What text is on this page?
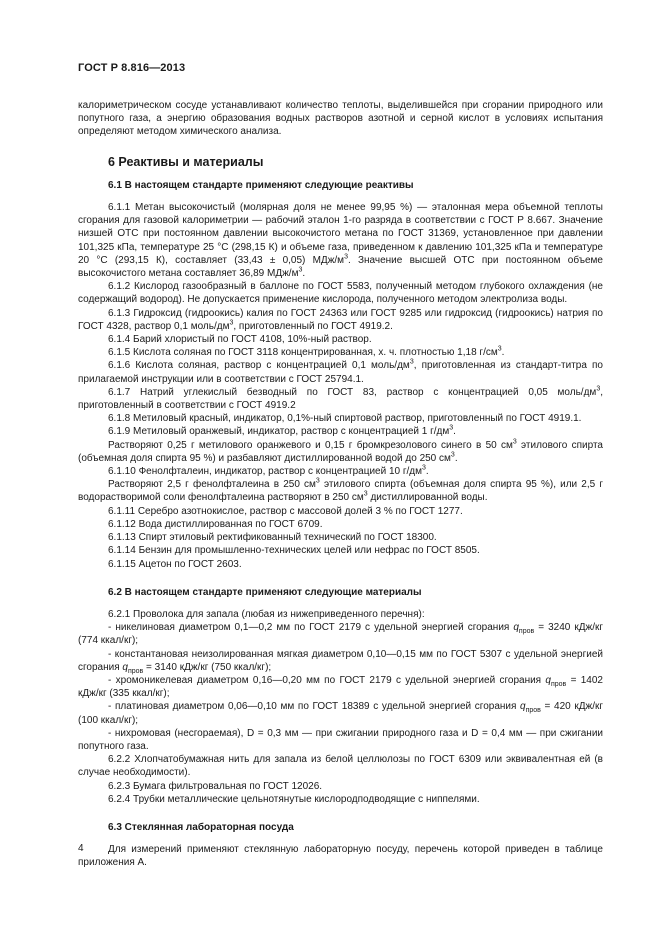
ГОСТ Р 8.816—2013

калориметрическом сосуде устанавливают количество теплоты, выделившейся при сгорании природного или попутного газа, а энергию образования водных растворов азотной и серной кислот в условиях испытания определяют методом химического анализа.

6 Реактивы и материалы
6.1 В настоящем стандарте применяют следующие реактивы

6.1.1 Метан высокочистый (молярная доля не менее 99,95 %) — эталонная мера объемной теплоты сгорания для газовой калориметрии — рабочий эталон 1-го разряда в соответствии с ГОСТ Р 8.667. Значение низшей ОТС при постоянном давлении высокочистого метана по ГОСТ 31369, установленное при давлении 101,325 кПа, температуре 25 °С (298,15 К) и объеме газа, приведенном к давлению 101,325 кПа и температуре 20 °С (293,15 К), составляет (33,43 ± 0,05) МДж/$м^3$. Значение высшей ОТС при постоянном объеме высокочистого метана составляет 36,89 МДж/$м^3$.

6.1.2 Кислород газообразный в баллоне по ГОСТ 5583, полученный методом глубокого охлаждения (не содержащий водород). Не допускается применение кислорода, полученного методом электролиза воды.

6.1.3 Гидроксид (гидроокись) калия по ГОСТ 24363 или ГОСТ 9285 или гидроксид (гидроокись) натрия по ГОСТ 4328, раствор 0,1 моль/$дм^3$, приготовленный по ГОСТ 4919.2.

6.1.4 Барий хлористый по ГОСТ 4108, 10%-ный раствор.

6.1.5 Кислота соляная по ГОСТ 3118 концентрированная, х. ч. плотностью 1,18 $г/см^3$.

6.1.6 Кислота соляная, раствор с концентрацией 0,1 моль/$дм^3$, приготовленная из стандарт-титра по прилагаемой инструкции или в соответствии с ГОСТ 25794.1.

6.1.7 Натрий углекислый безводный по ГОСТ 83, раствор с концентрацией 0,05 моль/$дм^3$, приготовленный в соответствии с ГОСТ 4919.2

6.1.8 Метиловый красный, индикатор, 0,1%-ный спиртовой раствор, приготовленный по ГОСТ 4919.1.

6.1.9 Метиловый оранжевый, индикатор, раствор с концентрацией 1 $г/дм^3$.

Растворяют 0,25 г метилового оранжевого и 0,15 г бромкрезолового синего в 50 $см^3$ этилового спирта (объемная доля спирта 95 %) и разбавляют дистиллированной водой до 250 $см^3$.

6.1.10 Фенолфталеин, индикатор, раствор с концентрацией 10 $г/дм^3$.

Растворяют 2,5 г фенолфталеина в 250 $см^3$ этилового спирта (объемная доля спирта 95 %), или 2,5 г водорастворимой соли фенолфталеина растворяют в 250 $см^3$ дистиллированной воды.

6.1.11 Серебро азотнокислое, раствор с массовой долей 3 % по ГОСТ 1277.

6.1.12 Вода дистиллированная по ГОСТ 6709.

6.1.13 Спирт этиловый ректификованный технический по ГОСТ 18300.

6.1.14 Бензин для промышленно-технических целей или нефрас по ГОСТ 8505.

6.1.15 Ацетон по ГОСТ 2603.

6.2 В настоящем стандарте применяют следующие материалы

6.2.1 Проволока для запала (любая из нижеприведенного перечня):

- никелиновая диаметром 0,1—0,2 мм по ГОСТ 2179 с удельной энергией сгорания $q_{пров} = 3240$ кДж/кг (774 ккал/кг);

- константановая неизолированная мягкая диаметром 0,10—0,15 мм по ГОСТ 5307 с удельной энергией сгорания $q_{пров} = 3140$ кДж/кг (750 ккал/кг);

- хромоникелевая диаметром 0,16—0,20 мм по ГОСТ 2179 с удельной энергией сгорания $q_{пров} = 1402$ кДж/кг (335 ккал/кг);

- платиновая диаметром 0,06—0,10 мм по ГОСТ 18389 с удельной энергией сгорания $q_{пров} = 420$ кДж/кг (100 ккал/кг);

- нихромовая (несгораемая), D = 0,3 мм — при сжигании природного газа и D = 0,4 мм — при сжигании попутного газа.

6.2.2 Хлопчатобумажная нить для запала из белой целлюлозы по ГОСТ 6309 или эквивалентная ей (в случае необходимости).

6.2.3 Бумага фильтровальная по ГОСТ 12026.

6.2.4 Трубки металлические цельнотянутые кислородподводящие с ниппелями.

6.3 Стеклянная лабораторная посуда

Для измерений применяют стеклянную лабораторную посуду, перечень которой приведен в таблице приложения А.

4
